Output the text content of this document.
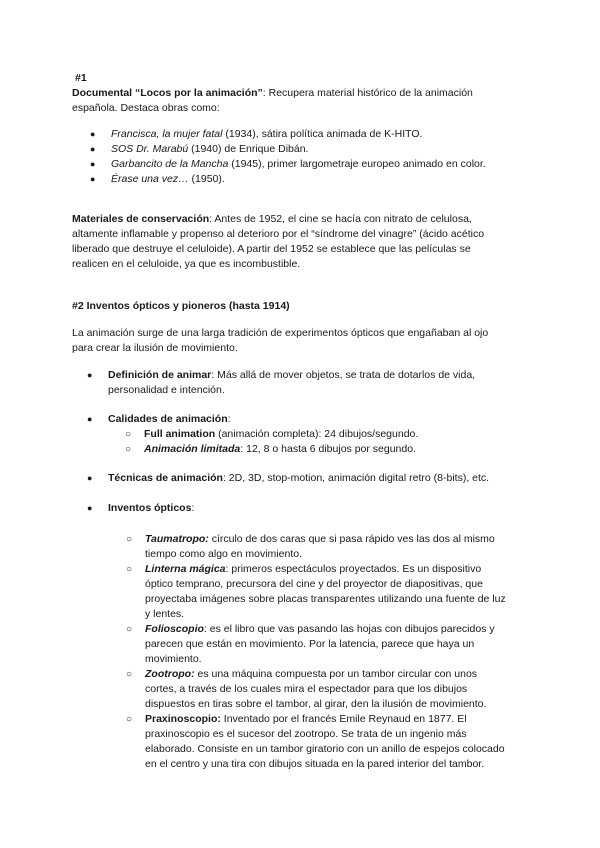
#1

Documental “Locos por la animación”: Recupera material histórico de la animación

española. Destaca obras como:

● Francisca, la mujer fatal (1934), sátira política animada de K-HITO.
● SOS Dr. Marabú (1940) de Enrique Dibán.
● Garbancito de la Mancha (1945), primer largometraje europeo animado en color.
● Érase una vez… (1950).

Materiales de conservación: Antes de 1952, el cine se hacía con nitrato de celulosa,

altamente inflamable y propenso al deterioro por el “síndrome del vinagre” (ácido acético

liberado que destruye el celuloide). A partir del 1952 se establece que las películas se

realicen en el celuloide, ya que es incombustible.

#2 Inventos ópticos y pioneros (hasta 1914)

La animación surge de una larga tradición de experimentos ópticos que engañaban al ojo

para crear la ilusión de movimiento.

● Definición de animar: Más allá de mover objetos, se trata de dotarlos de vida,

personalidad e intención.

● Calidades de animación:
○ Full animation (animación completa): 24 dibujos/segundo.
○ Animación limitada: 12, 8 o hasta 6 dibujos por segundo.
● Técnicas de animación: 2D, 3D, stop-motion, animación digital retro (8-bits), etc.
● Inventos ópticos:
○ Taumatropo: círculo de dos caras que si pasa rápido ves las dos al mismo

tiempo como algo en movimiento.

○ Linterna mágica: primeros espectáculos proyectados. Es un dispositivo

óptico temprano, precursora del cine y del proyector de diapositivas, que

proyectaba imágenes sobre placas transparentes utilizando una fuente de luz

y lentes.

○ Folioscopio: es el libro que vas pasando las hojas con dibujos parecidos y

parecen que están en movimiento. Por la latencia, parece que haya un

movimiento.

○ Zootropo: es una máquina compuesta por un tambor circular con unos

cortes, a través de los cuales mira el espectador para que los dibujos

dispuestos en tiras sobre el tambor, al girar, den la ilusión de movimiento.

○ Praxinoscopio: Inventado por el francés Emile Reynaud en 1877. El

praxinoscopio es el sucesor del zootropo. Se trata de un ingenio más

elaborado. Consiste en un tambor giratorio con un anillo de espejos colocado

en el centro y una tira con dibujos situada en la pared interior del tambor.
